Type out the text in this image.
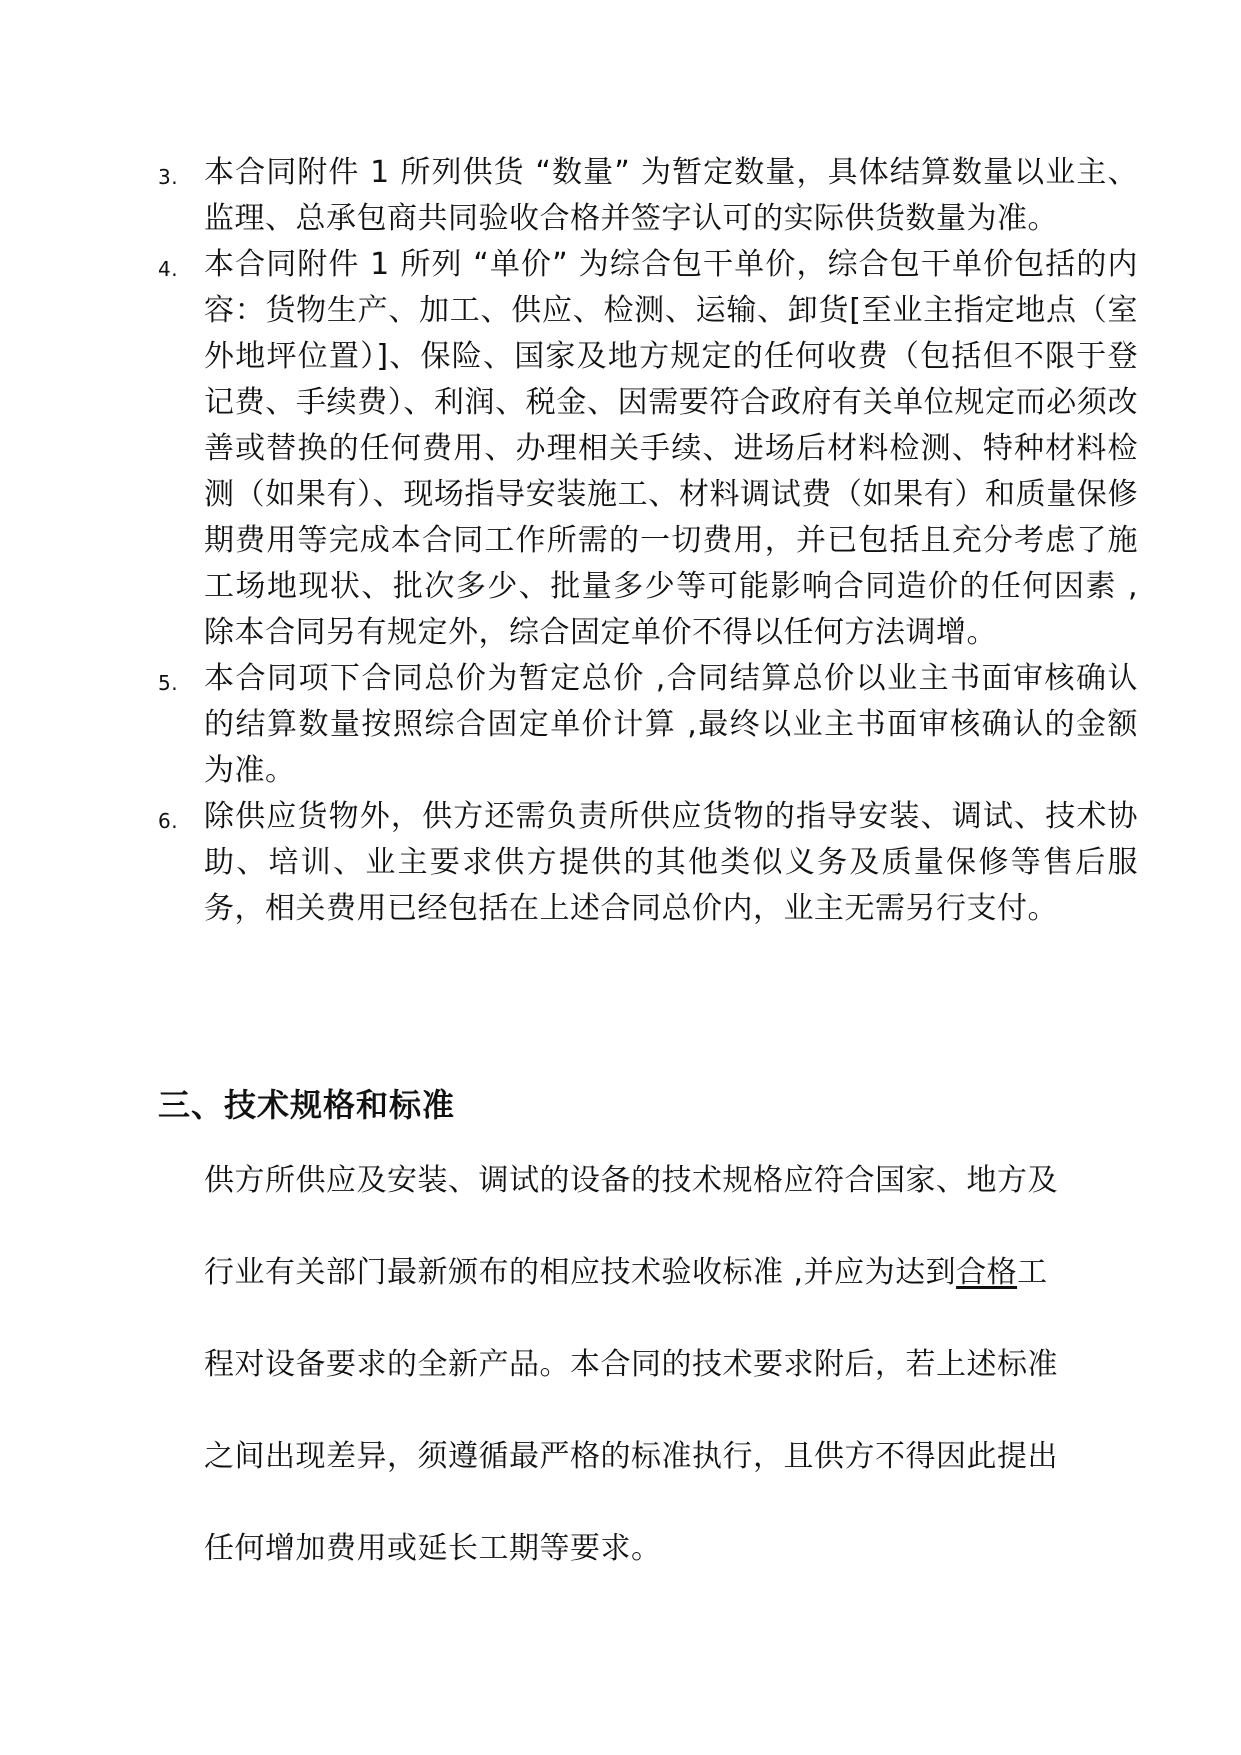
3. 本合同附件 1 所列供货 “数量” 为暂定数量，具体结算数量以业主、监理、总承包商共同验收合格并签字认可的实际供货数量为准。
4. 本合同附件 1 所列 “单价” 为综合包干单价，综合包干单价包括的内容：货物生产、加工、供应、检测、运输、卸货[至业主指定地点（室外地坪位置）]、保险、国家及地方规定的任何收费（包括但不限于登记费、手续费）、利润、税金、因需要符合政府有关单位规定而必须改善或替换的任何费用、办理相关手续、进场后材料检测、特种材料检测（如果有）、现场指导安装施工、材料调试费（如果有）和质量保修期费用等完成本合同工作所需的一切费用，并已包括且充分考虑了施工场地现状、批次多少、批量多少等可能影响合同造价的任何因素 ,除本合同另有规定外，综合固定单价不得以任何方法调增。
5. 本合同项下合同总价为暂定总价 ,合同结算总价以业主书面审核确认的结算数量按照综合固定单价计算 ,最终以业主书面审核确认的金额为准。
6. 除供应货物外，供方还需负责所供应货物的指导安装、调试、技术协助、培训、业主要求供方提供的其他类似义务及质量保修等售后服务，相关费用已经包括在上述合同总价内，业主无需另行支付。
三、技术规格和标准
供方所供应及安装、调试的设备的技术规格应符合国家、地方及
行业有关部门最新颁布的相应技术验收标准 ,并应为达到合格工
程对设备要求的全新产品。本合同的技术要求附后，若上述标准
之间出现差异，须遵循最严格的标准执行，且供方不得因此提出
任何增加费用或延长工期等要求。
